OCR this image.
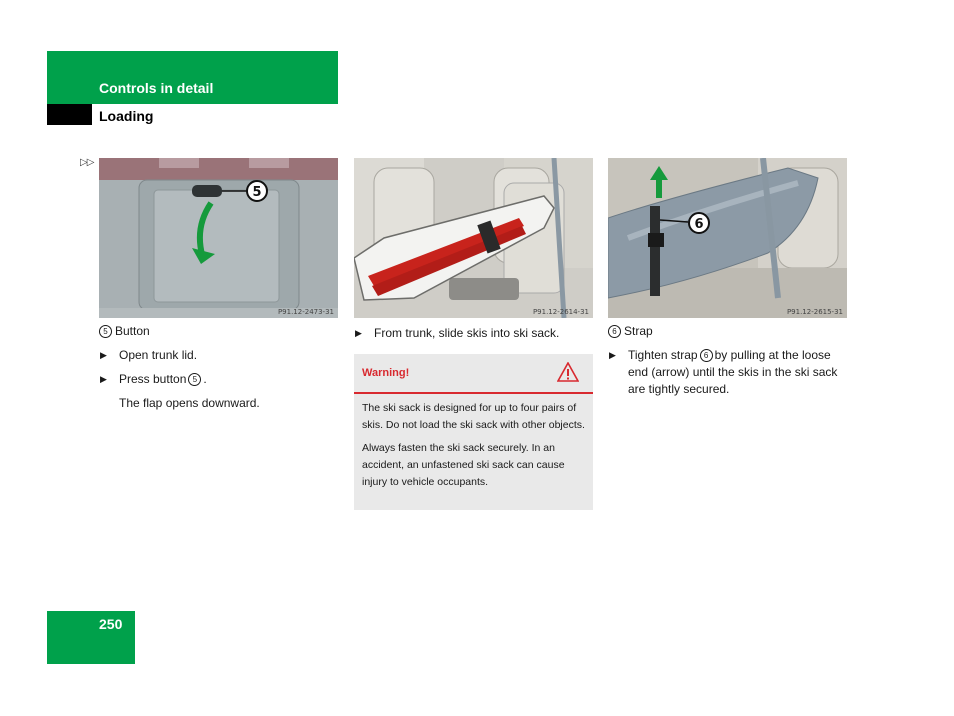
Controls in detail
Loading
▷▷
5
P91.12-2473-31	P91.12-2614-31
6
P91.12-2615-31
5 Button
▶ Open trunk lid.
▶ Press button 5 .
The flap opens downward.
▶ From trunk, slide skis into ski sack.
Warning!

The ski sack is designed for up to four pairs of skis. Do not load the ski sack with other objects.

Always fasten the ski sack securely. In an accident, an unfastened ski sack can cause injury to vehicle occupants.

6 Strap
▶ Tighten strap 6 by pulling at the loose end (arrow) until the skis in the ski sack are tightly secured.
250
